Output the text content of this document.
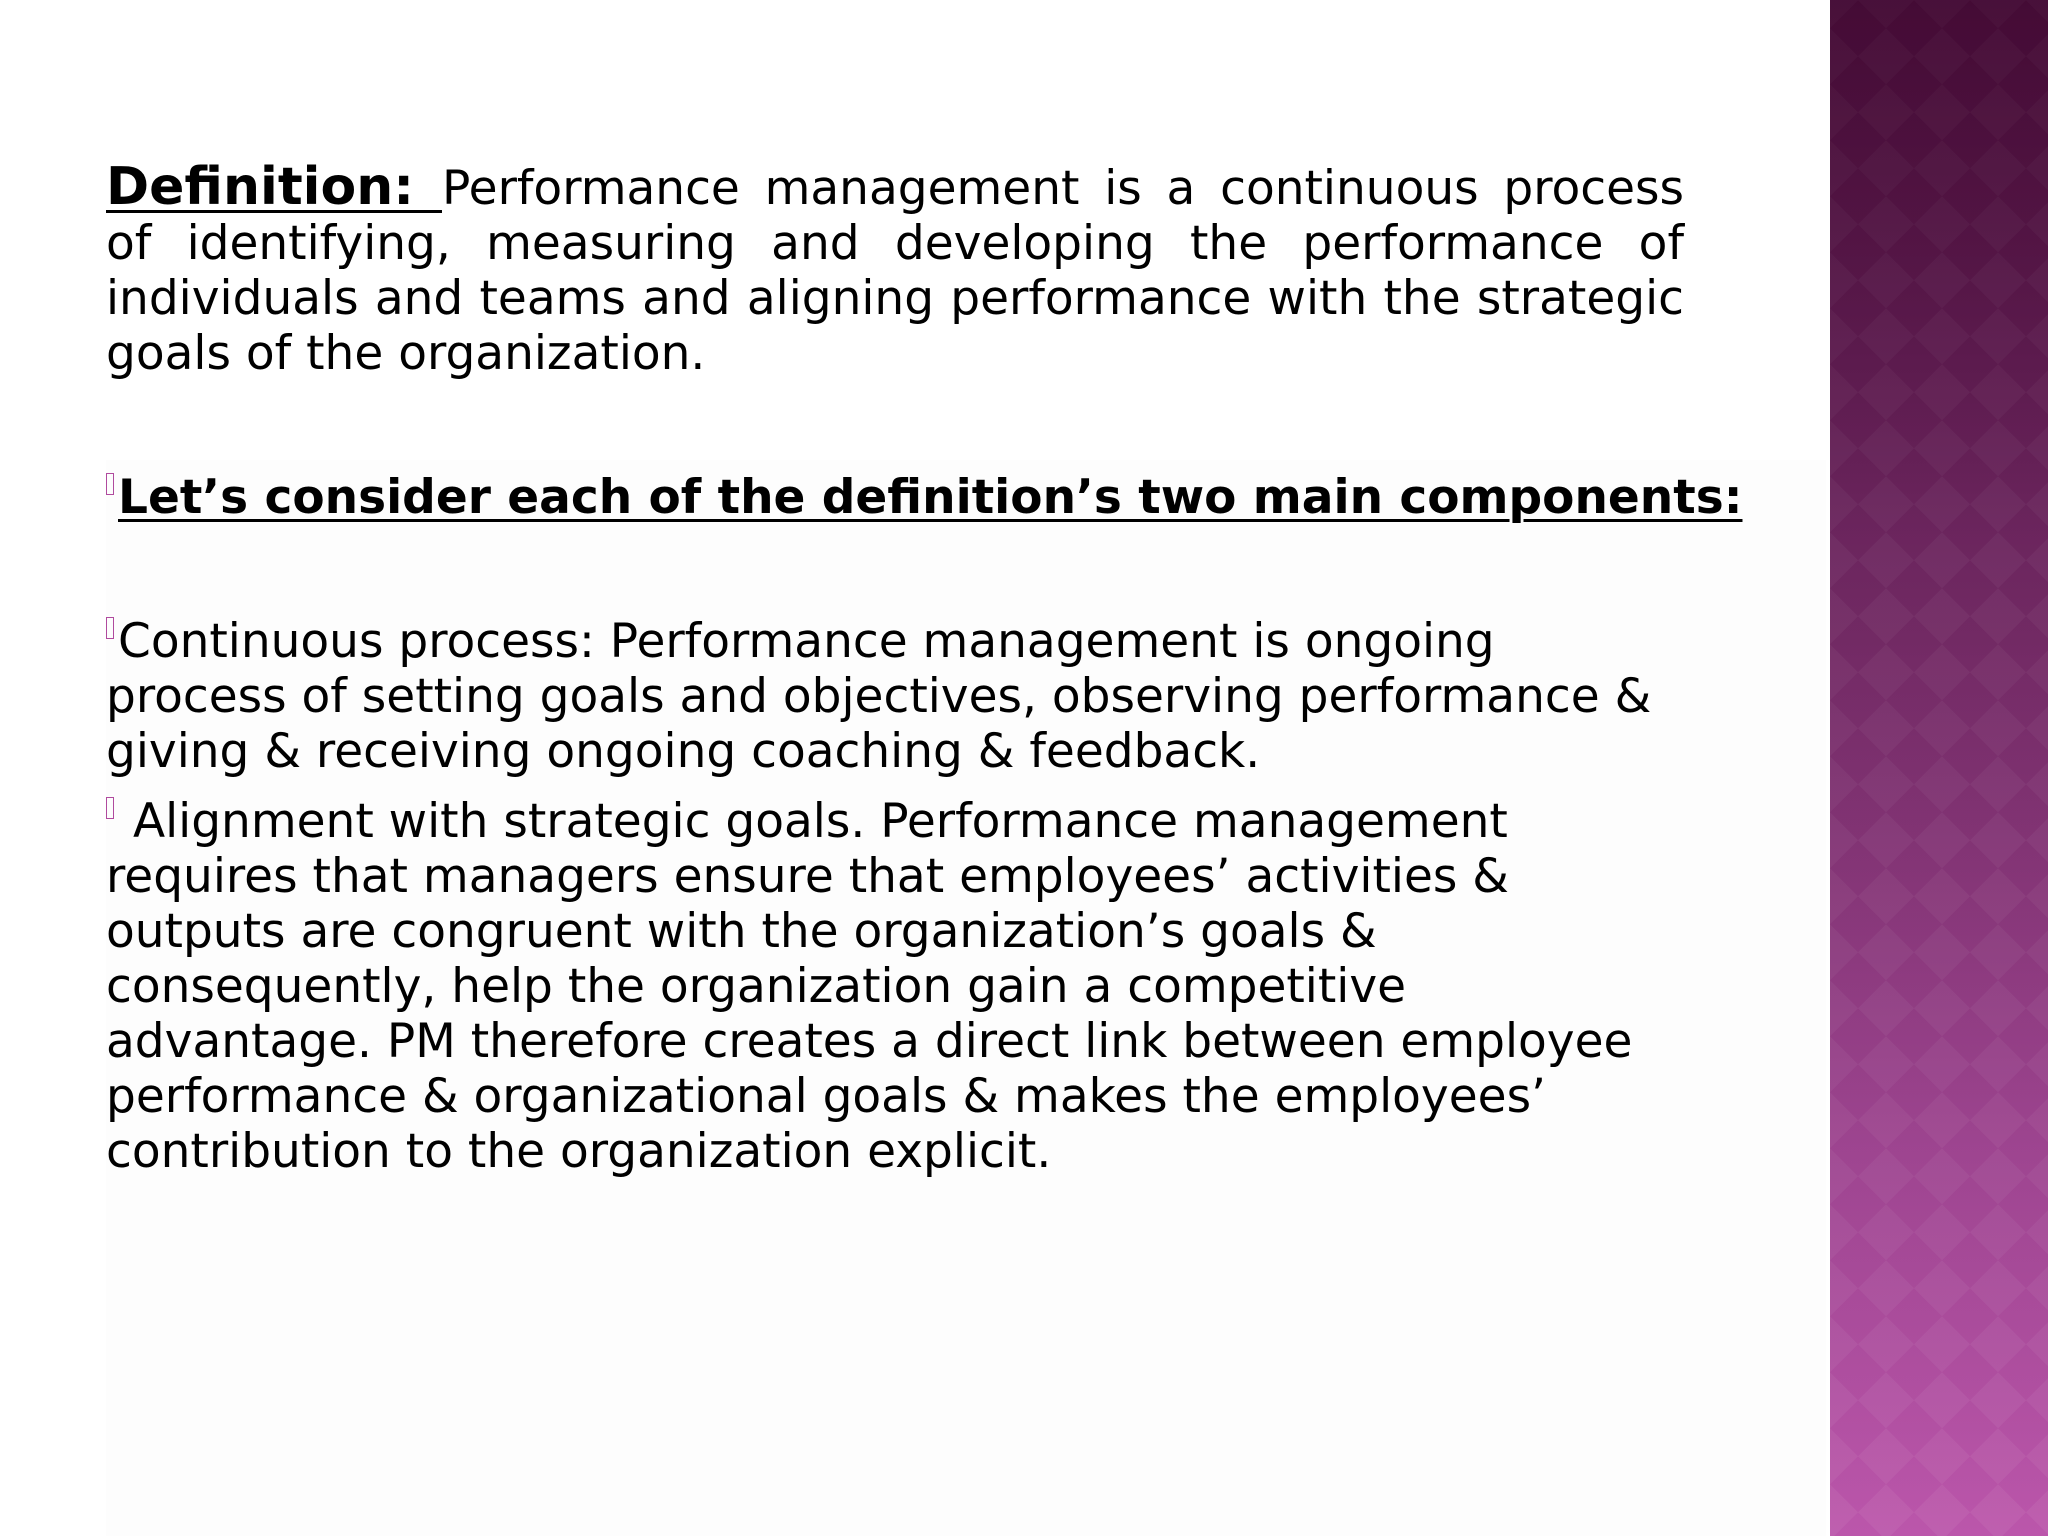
Definition: Performance management is a continuous process of identifying, measuring and developing the performance of individuals and teams and aligning performance with the strategic goals of the organization.
Let’s consider each of the definition’s two main components:
Continuous process: Performance management is ongoing process of setting goals and objectives, observing performance & giving & receiving ongoing coaching & feedback.
Alignment with strategic goals. Performance management requires that managers ensure that employees’ activities & outputs are congruent with the organization’s goals & consequently, help the organization gain a competitive advantage. PM therefore creates a direct link between employee performance & organizational goals & makes the employees’ contribution to the organization explicit.
